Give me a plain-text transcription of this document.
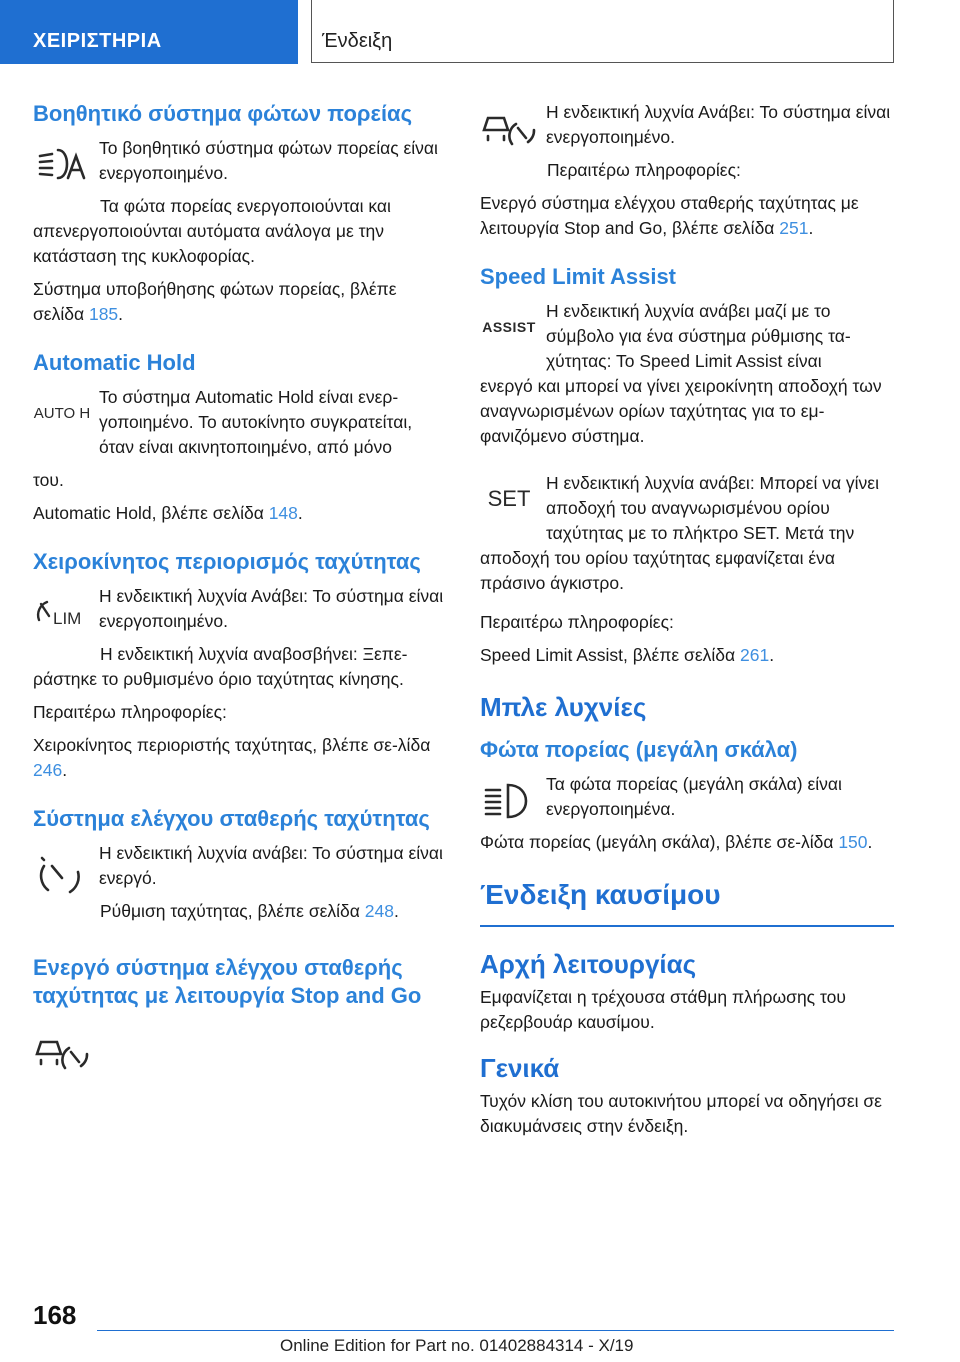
ΧΕΙΡΙΣΤΗΡΙΑ	Ένδειξη
Βοηθητικό σύστημα φώτων πορείας

Το βοηθητικό σύστημα φώτων πορείας είναι ενεργοποιημένο.

Τα φώτα πορείας ενεργοποιούνται και

απενεργοποιούνται αυτόματα ανάλογα με την κατάσταση της κυκλοφορίας.

Σύστημα υποβοήθησης φώτων πορείας, βλέπε σελίδα 185.

Automatic Hold
AUTO H

Το σύστημα Automatic Hold είναι ενερ-γοποιημένο. Το αυτοκίνητο συγκρατείται, όταν είναι ακινητοποιημένο, από μόνο

του.

Automatic Hold, βλέπε σελίδα 148.

Χειροκίνητος περιορισμός ταχύτητας
LIM

Η ενδεικτική λυχνία Ανάβει: Το σύστημα είναι ενεργοποιημένο.

Η ενδεικτική λυχνία αναβοσβήνει: Ξεπε-

ράστηκε το ρυθμισμένο όριο ταχύτητας κίνησης.

Περαιτέρω πληροφορίες:

Χειροκίνητος περιοριστής ταχύτητας, βλέπε σε-λίδα 246.

Σύστημα ελέγχου σταθερής ταχύτητας

Η ενδεικτική λυχνία ανάβει: Το σύστημα είναι ενεργό.

Ρύθμιση ταχύτητας, βλέπε σελίδα 248.

Ενεργό σύστημα ελέγχου σταθερής ταχύτητας με λειτουργία Stop and Go

Η ενδεικτική λυχνία Ανάβει: Το σύστημα είναι ενεργοποιημένο.

Περαιτέρω πληροφορίες:

Ενεργό σύστημα ελέγχου σταθερής ταχύτητας με λειτουργία Stop and Go, βλέπε σελίδα 251.

Speed Limit Assist
ASSIST

Η ενδεικτική λυχνία ανάβει μαζί με το σύμβολο για ένα σύστημα ρύθμισης τα-χύτητας: Το Speed Limit Assist είναι

ενεργό και μπορεί να γίνει χειροκίνητη αποδοχή των αναγνωρισμένων ορίων ταχύτητας για το εμ-φανιζόμενο σύστημα.

SET

Η ενδεικτική λυχνία ανάβει: Μπορεί να γίνει αποδοχή του αναγνωρισμένου ορίου ταχύτητας με το πλήκτρο SET. Μετά την

αποδοχή του ορίου ταχύτητας εμφανίζεται ένα πράσινο άγκιστρο.

Περαιτέρω πληροφορίες:

Speed Limit Assist, βλέπε σελίδα 261.

Μπλε λυχνίες
Φώτα πορείας (μεγάλη σκάλα)

Τα φώτα πορείας (μεγάλη σκάλα) είναι ενεργοποιημένα.

Φώτα πορείας (μεγάλη σκάλα), βλέπε σε-λίδα 150.

Ένδειξη καυσίμου
Αρχή λειτουργίας

Εμφανίζεται η τρέχουσα στάθμη πλήρωσης του ρεζερβουάρ καυσίμου.

Γενικά

Τυχόν κλίση του αυτοκινήτου μπορεί να οδηγήσει σε διακυμάνσεις στην ένδειξη.

168
Online Edition for Part no. 01402884314 - X/19
